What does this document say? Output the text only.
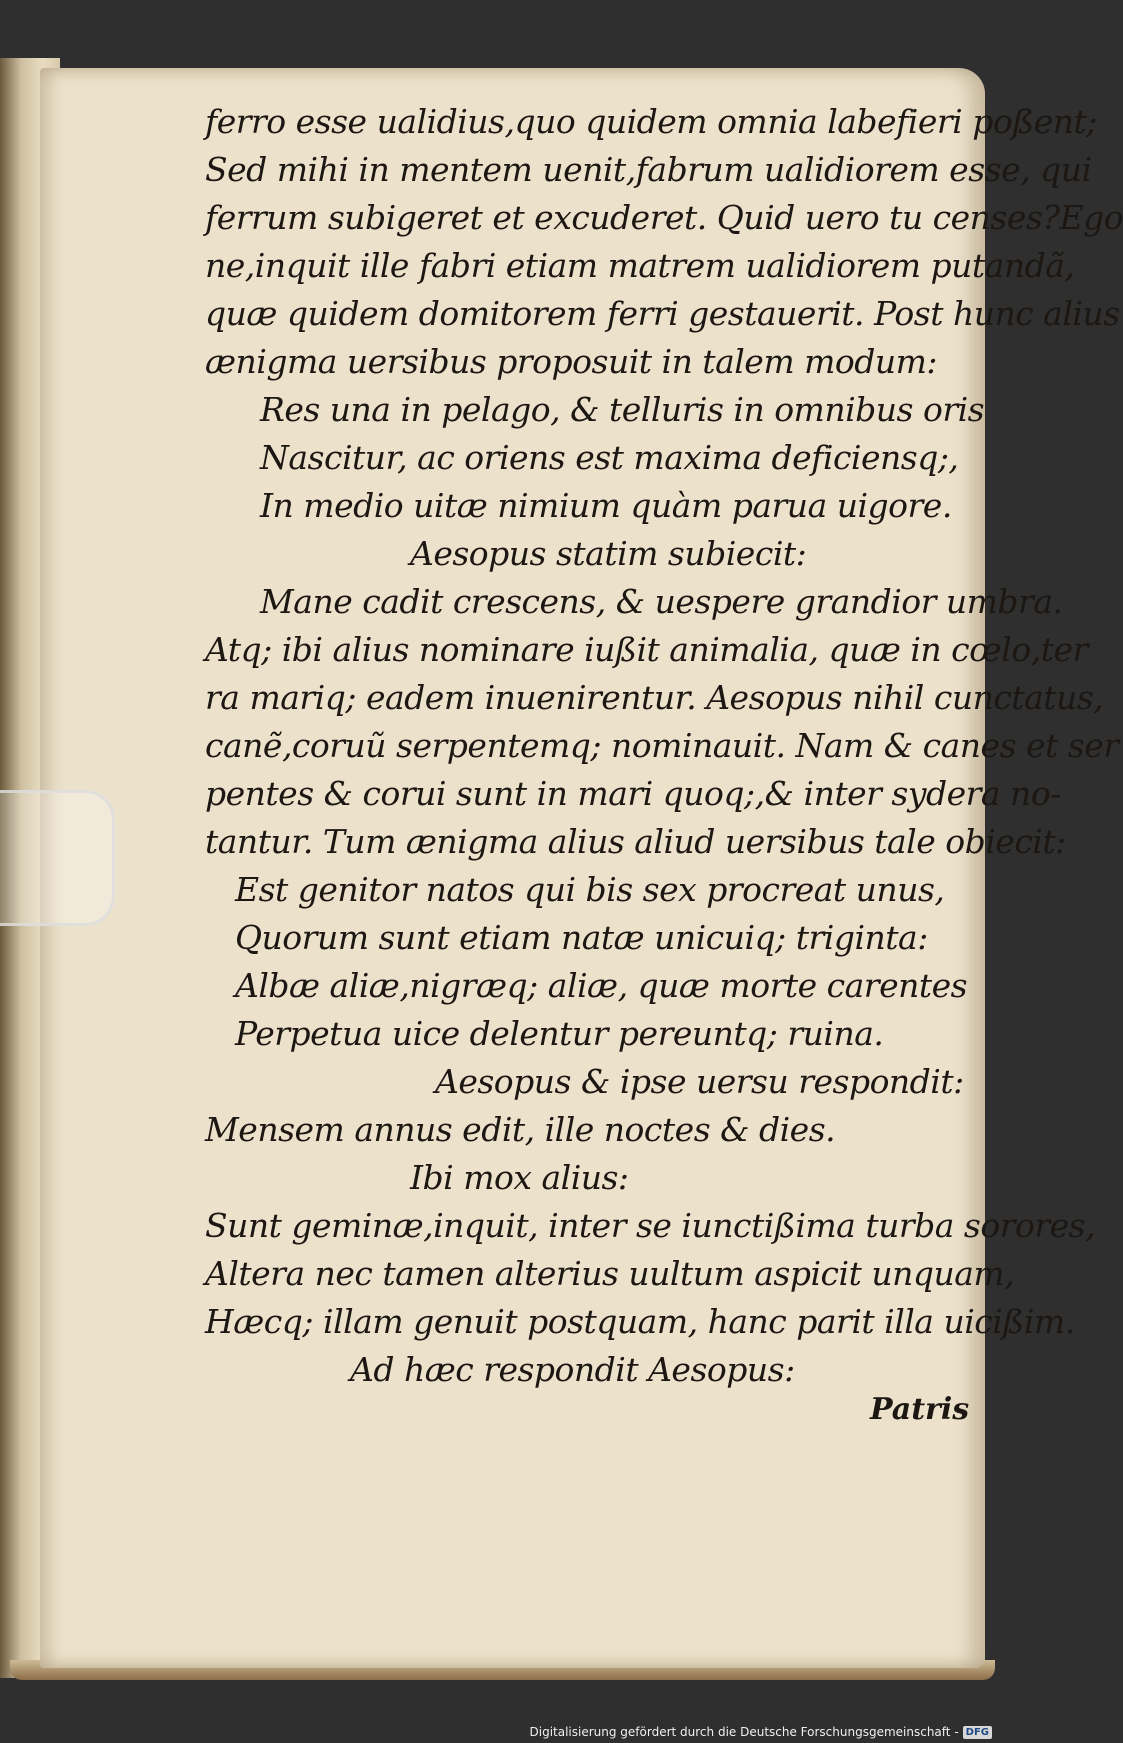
ferro esse ualidius,quo quidem omnia labefieri poßent;
Sed mihi in mentem uenit,fabrum ualidiorem esse, qui
ferrum subigeret et excuderet. Quid uero tu censes?Ego
ne,inquit ille fabri etiam matrem ualidiorem putandã,
quæ quidem domitorem ferri gestauerit. Post hunc alius
ænigma uersibus proposuit in talem modum:
Res una in pelago, & telluris in omnibus oris
Nascitur, ac oriens est maxima deficiensq;,
In medio uitæ nimium quàm parua uigore.
Aesopus statim subiecit:
Mane cadit crescens, & uespere grandior umbra.
Atq; ibi alius nominare iußit animalia, quæ in cœlo,ter
ra mariq; eadem inuenirentur. Aesopus nihil cunctatus,
canẽ,coruũ serpentemq; nominauit. Nam & canes et ser
pentes & corui sunt in mari quoq;,& inter sydera no-
tantur. Tum ænigma alius aliud uersibus tale obiecit:
Est genitor natos qui bis sex procreat unus,
Quorum sunt etiam natæ unicuiq; triginta:
Albæ aliæ,nigræq; aliæ, quæ morte carentes
Perpetua uice delentur pereuntq; ruina.
Aesopus & ipse uersu respondit:
Mensem annus edit, ille noctes & dies.
Ibi mox alius:
Sunt geminæ,inquit, inter se iunctißima turba sorores,
Altera nec tamen alterius uultum aspicit unquam,
Hæcq; illam genuit postquam, hanc parit illa uicißim.
Ad hæc respondit Aesopus:
Patris
Digitalisierung gefördert durch die Deutsche Forschungsgemeinschaft - DFG
